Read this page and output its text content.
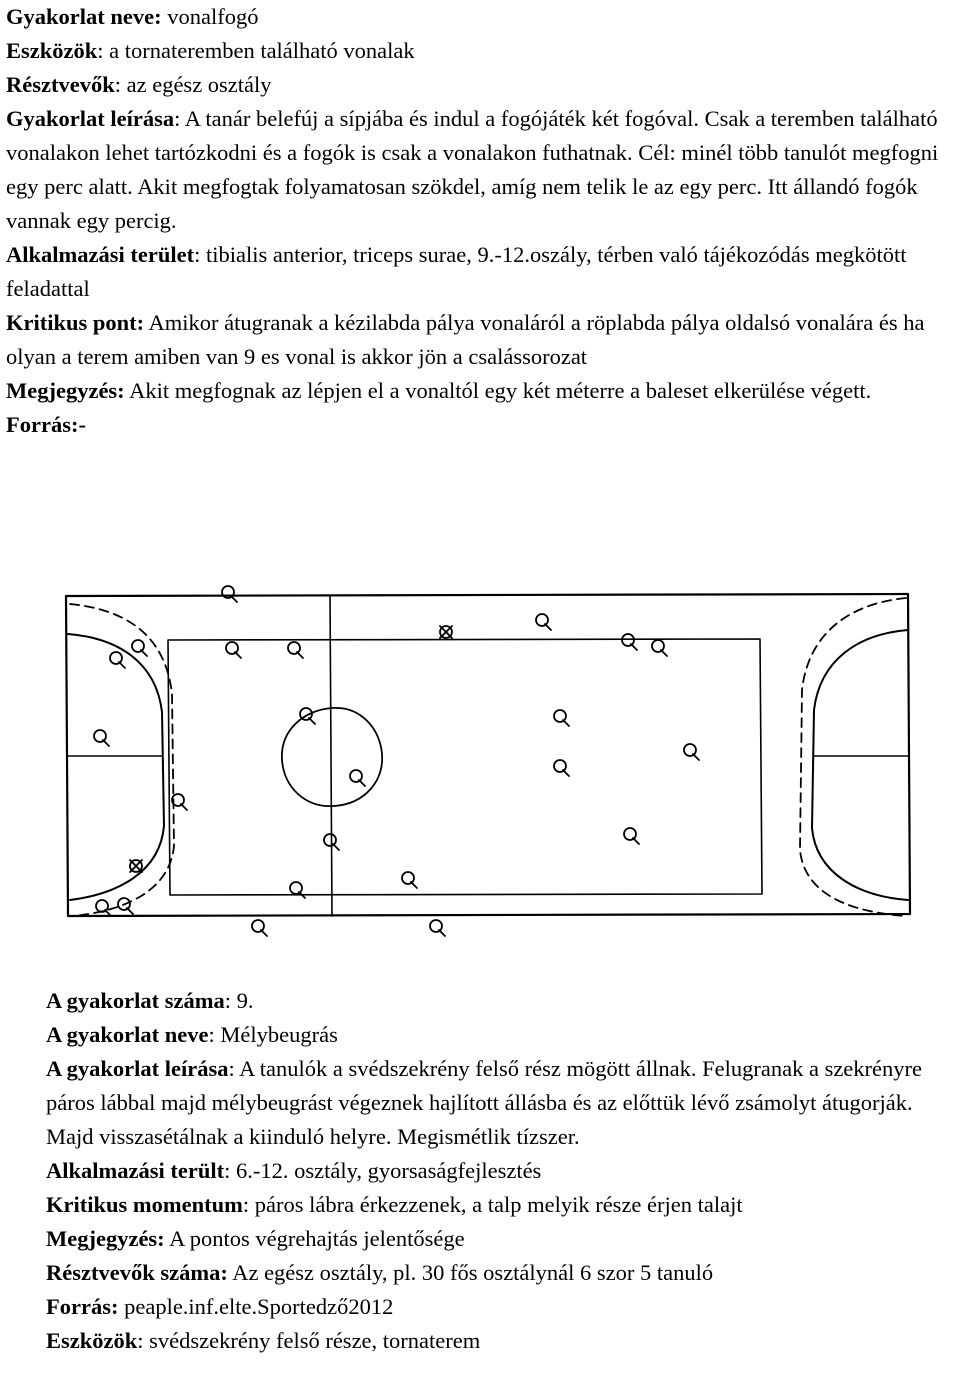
Gyakorlat neve: vonalfogó

Eszközök: a tornateremben található vonalak

Résztvevők: az egész osztály

Gyakorlat leírása: A tanár belefúj a sípjába és indul a fogójáték két fogóval. Csak a teremben található vonalakon lehet tartózkodni és a fogók is csak a vonalakon futhatnak. Cél: minél több tanulót megfogni egy perc alatt. Akit megfogtak folyamatosan szökdel, amíg nem telik le az egy perc. Itt állandó fogók vannak egy percig.

Alkalmazási terület: tibialis anterior, triceps surae, 9.-12.oszály, térben való tájékozódás megkötött feladattal

Kritikus pont: Amikor átugranak a kézilabda pálya vonaláról a röplabda pálya oldalsó vonalára és ha olyan a terem amiben van 9 es vonal is akkor jön a csalássorozat

Megjegyzés: Akit megfognak az lépjen el a vonaltól egy két méterre a baleset elkerülése végett.

Forrás:-

A gyakorlat száma: 9.

A gyakorlat neve: Mélybeugrás

A gyakorlat leírása: A tanulók a svédszekrény felső rész mögött állnak. Felugranak a szekrényre páros lábbal majd mélybeugrást végeznek hajlított állásba és az előttük lévő zsámolyt átugorják. Majd visszasétálnak a kiinduló helyre. Megismétlik tízszer.

Alkalmazási terült: 6.-12. osztály, gyorsaságfejlesztés

Kritikus momentum: páros lábra érkezzenek, a talp melyik része érjen talajt

Megjegyzés: A pontos végrehajtás jelentősége

Résztvevők száma: Az egész osztály, pl. 30 fős osztálynál 6 szor 5 tanuló

Forrás: peaple.inf.elte.Sportedző2012

Eszközök: svédszekrény felső része, tornaterem
